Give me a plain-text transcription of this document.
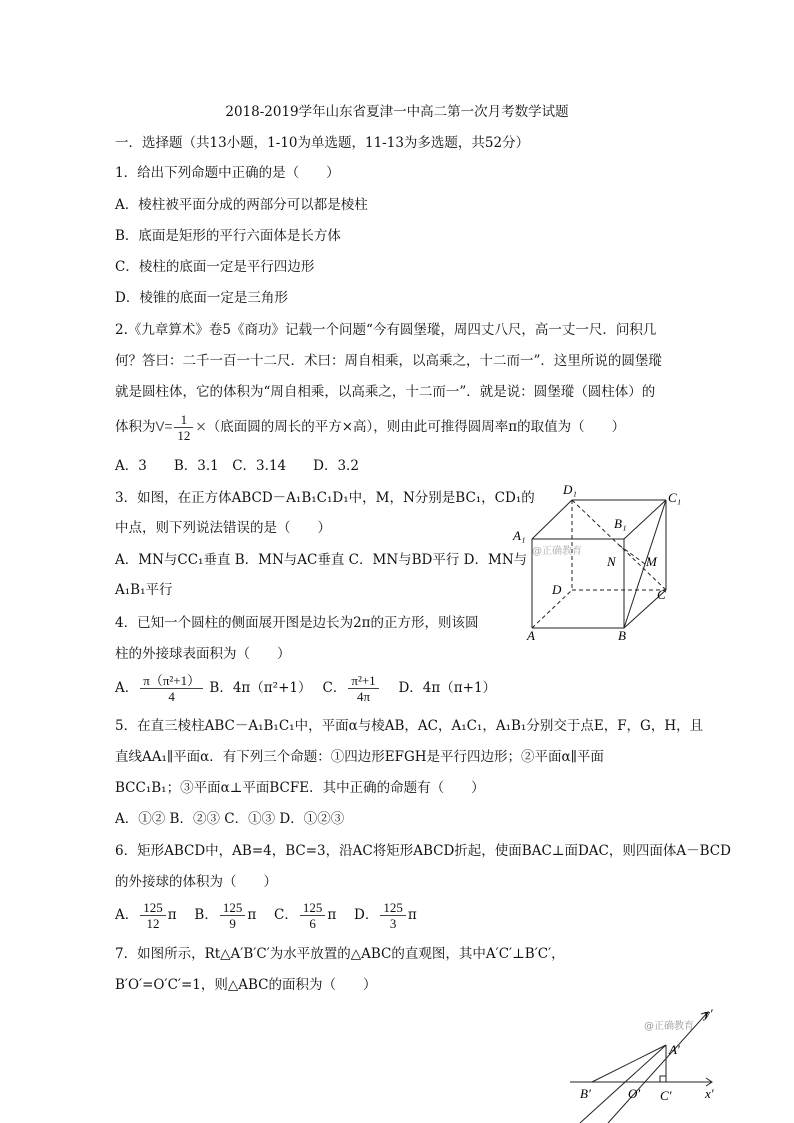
2018-2019学年山东省夏津一中高二第一次月考数学试题
一．选择题（共13小题，1-10为单选题，11-13为多选题，共52分）
1．给出下列命题中正确的是（　　）
A．棱柱被平面分成的两部分可以都是棱柱
B．底面是矩形的平行六面体是长方体
C．棱柱的底面一定是平行四边形
D．棱锥的底面一定是三角形
2.《九章算术》卷5《商功》记载一个问题“今有圆堡瑽，周四丈八尺，高一丈一尺．问积几
何？答曰：二千一百一十二尺．术曰：周自相乘，以高乘之，十二而一”．这里所说的圆堡瑽
就是圆柱体，它的体积为“周自相乘，以高乘之，十二而一”．就是说：圆堡瑽（圆柱体）的
体积为$V= \frac{1}{12}$ ×（底面圆的周长的平方×高），则由此可推得圆周率π的取值为（　　）
A．3　　B．3.1　C．3.14　　D．3.2
3．如图，在正方体ABCD－A₁B₁C₁D₁中，M，N分别是BC₁，CD₁的
中点，则下列说法错误的是（　　）
A．MN与CC₁垂直 B．MN与AC垂直 C．MN与BD平行 D．MN与
A₁B₁平行
D₁
C₁
B₁
A₁
N M
D	C
A	B
@正确教育
4．已知一个圆柱的侧面展开图是边长为2π的正方形，则该圆
柱的外接球表面积为（　　）
A． $\frac{\text{π（π²+1）}}{4}$ B．4π（π²+1）　 C． $\frac{\text{π²+1}}{4\pi}$
　 D．4π（π+1）
5．在直三棱柱ABC－A₁B₁C₁中，平面α与棱AB，AC，A₁C₁，A₁B₁分别交于点E，F，G，H，且
直线AA₁∥平面α．有下列三个命题：①四边形EFGH是平行四边形；②平面α∥平面
BCC₁B₁；③平面α⊥平面BCFE．其中正确的命题有（　　）
A．①② B．②③ C．①③ D．①②③
6．矩形ABCD中，AB=4，BC=3，沿AC将矩形ABCD折起，使面BAC⊥面DAC，则四面体A－BCD
的外接球的体积为（　　）
A． $\frac{125}{12}$ π　 B． $\frac{125}{9}$ π　 C． $\frac{125}{6}$ π　 D． $\frac{125}{3}$ π
7．如图所示，Rt△A′B′C′为水平放置的△ABC的直观图，其中A′C′⊥B′C′，
B′O′=O′C′=1，则△ABC的面积为（　　）
@正确教育
y′
A′
B′	O′ C′	x′
